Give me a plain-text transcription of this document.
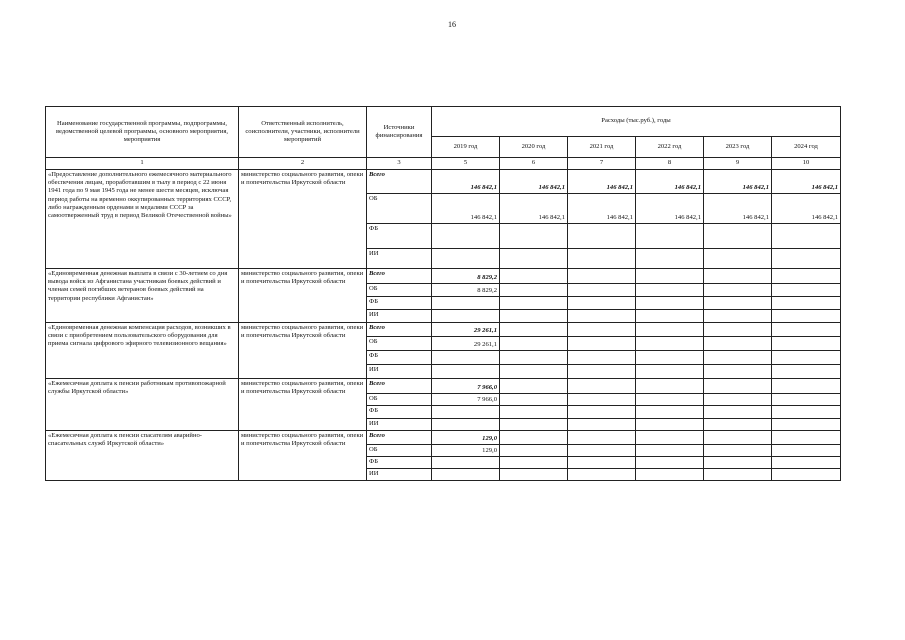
16
Наименование государственной программы, подпрограммы, ведомственной целевой программы, основного мероприятия, мероприятия	Ответственный исполнитель, соисполнители, участники, исполнители мероприятий	Источники финансирования	Расходы (тыс.руб.), годы					
			2019 год	2020 год	2021 год	2022 год	2023 год	2024 год
1	2	3	5	6	7	8	9	10
«Предоставление дополнительного ежемесячного материального обеспечения лицам, проработавшим в тылу в период с 22 июня 1941 года по 9 мая 1945 года не менее шести месяцев, исключая период работы на временно оккупированных территориях СССР, либо награжденным орденами и медалями СССР за самоотверженный труд в период Великой Отечественной войны»	министерство социального развития, опеки и попечительства Иркутской области	Всего	146 842,1	146 842,1	146 842,1	146 842,1	146 842,1	146 842,1
		ОБ	146 842,1	146 842,1	146 842,1	146 842,1	146 842,1	146 842,1
		ФБ						
		ИИ						
«Единовременная денежная выплата в связи с 30-летием со дня вывода войск из Афганистана участникам боевых действий и членам семей погибших ветеранов боевых действий на территории республики Афганистан»	министерство социального развития, опеки и попечительства Иркутской области	Всего	8 829,2					
		ОБ	8 829,2					
		ФБ						
		ИИ						
«Единовременная денежная компенсация расходов, возникших в связи с приобретением пользовательского оборудования для приема сигнала цифрового эфирного телевизионного вещания»	министерство социального развития, опеки и попечительства Иркутской области	Всего	29 261,1					
		ОБ	29 261,1					
		ФБ						
		ИИ						
«Ежемесячная доплата к пенсии работникам противопожарной службы Иркутской области»	министерство социального развития, опеки и попечительства Иркутской области	Всего	7 966,0					
		ОБ	7 966,0					
		ФБ						
		ИИ						
«Ежемесячная доплата к пенсии спасателям аварийно-спасательных служб Иркутской области»	министерство социального развития, опеки и попечительства Иркутской области	Всего	129,0					
		ОБ	129,0					
		ФБ						
		ИИ						
